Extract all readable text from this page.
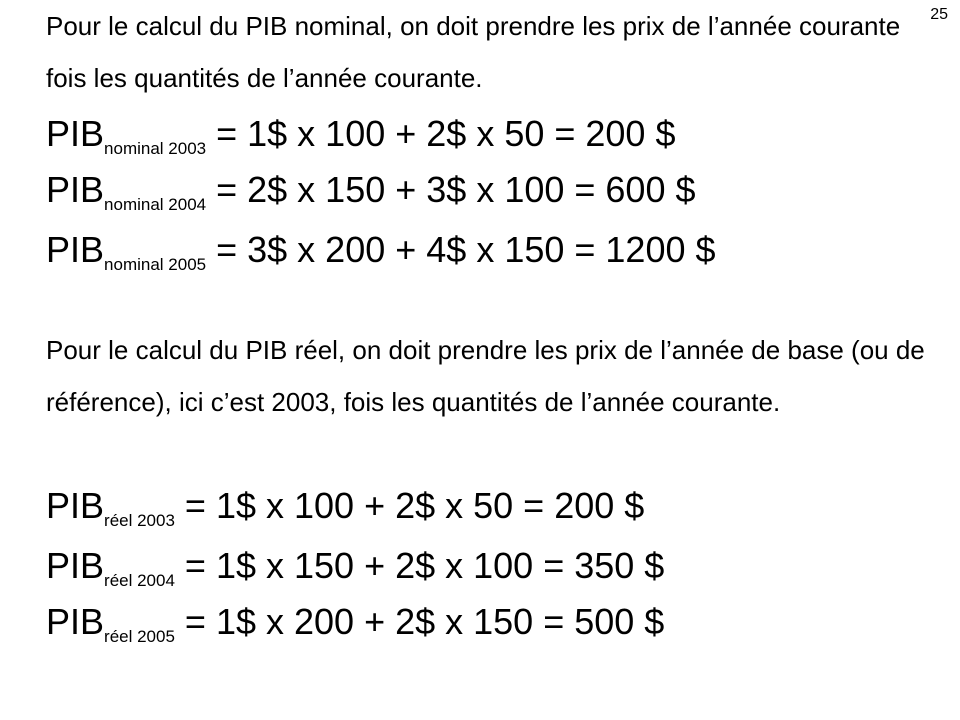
25

Pour le calcul du PIB nominal, on doit prendre les prix de l’année courante fois les quantités de l’année courante.

$PIB_{nominal 2003}$ = 1$ x 100 + 2$ x 50 = 200 $
$PIB_{nominal 2004}$ = 2$ x 150 + 3$ x 100 = 600 $
$PIB_{nominal 2005}$ = 3$ x 200 + 4$ x 150 = 1200 $

Pour le calcul du PIB réel, on doit prendre les prix de l’année de base (ou de référence), ici c’est 2003, fois les quantités de l’année courante.

$PIB_{réel 2003}$ = 1$ x 100 + 2$ x 50 = 200 $
$PIB_{réel 2004}$ = 1$ x 150 + 2$ x 100 = 350 $
$PIB_{réel 2005}$ = 1$ x 200 + 2$ x 150 = 500 $
